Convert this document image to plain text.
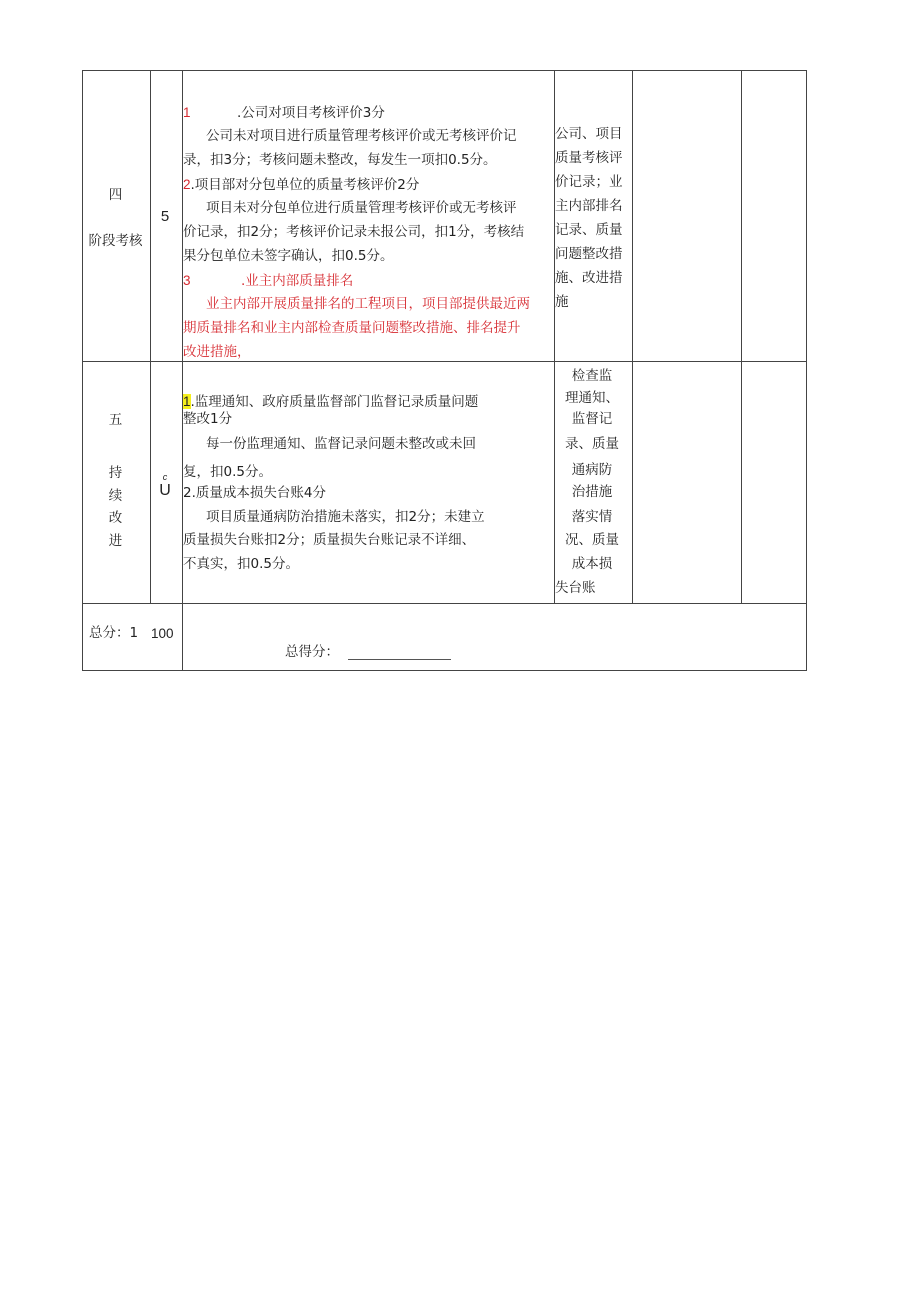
四
阶段考核
5
1	.公司对项目考核评价3分
公司未对项目进行质量管理考核评价或无考核评价记
录，扣3分；考核问题未整改，每发生一项扣0.5分。
2.项目部对分包单位的质量考核评价2分
项目未对分包单位进行质量管理考核评价或无考核评
价记录，扣2分；考核评价记录未报公司，扣1分，考核结
果分包单位未签字确认，扣0.5分。
3	.业主内部质量排名
业主内部开展质量排名的工程项目，项目部提供最近两
期质量排名和业主内部检查质量问题整改措施、排名提升
改进措施，
公司、项目
质量考核评
价记录；业
主内部排名
记录、质量
问题整改措
施、改进措
施
五
持
续
改
进
c
U
1.监理通知、政府质量监督部门监督记录质量问题
整改1分
每一份监理通知、监督记录问题未整改或未回
复，扣0.5分。
2.质量成本损失台账4分
项目质量通病防治措施未落实，扣2分；未建立
质量损失台账扣2分；质量损失台账记录不详细、
不真实，扣0.5分。
检查监
理通知、
监督记
录、质量
通病防
治措施
落实情
况、质量
成本损
失台账
总分：1 100
总得分：
